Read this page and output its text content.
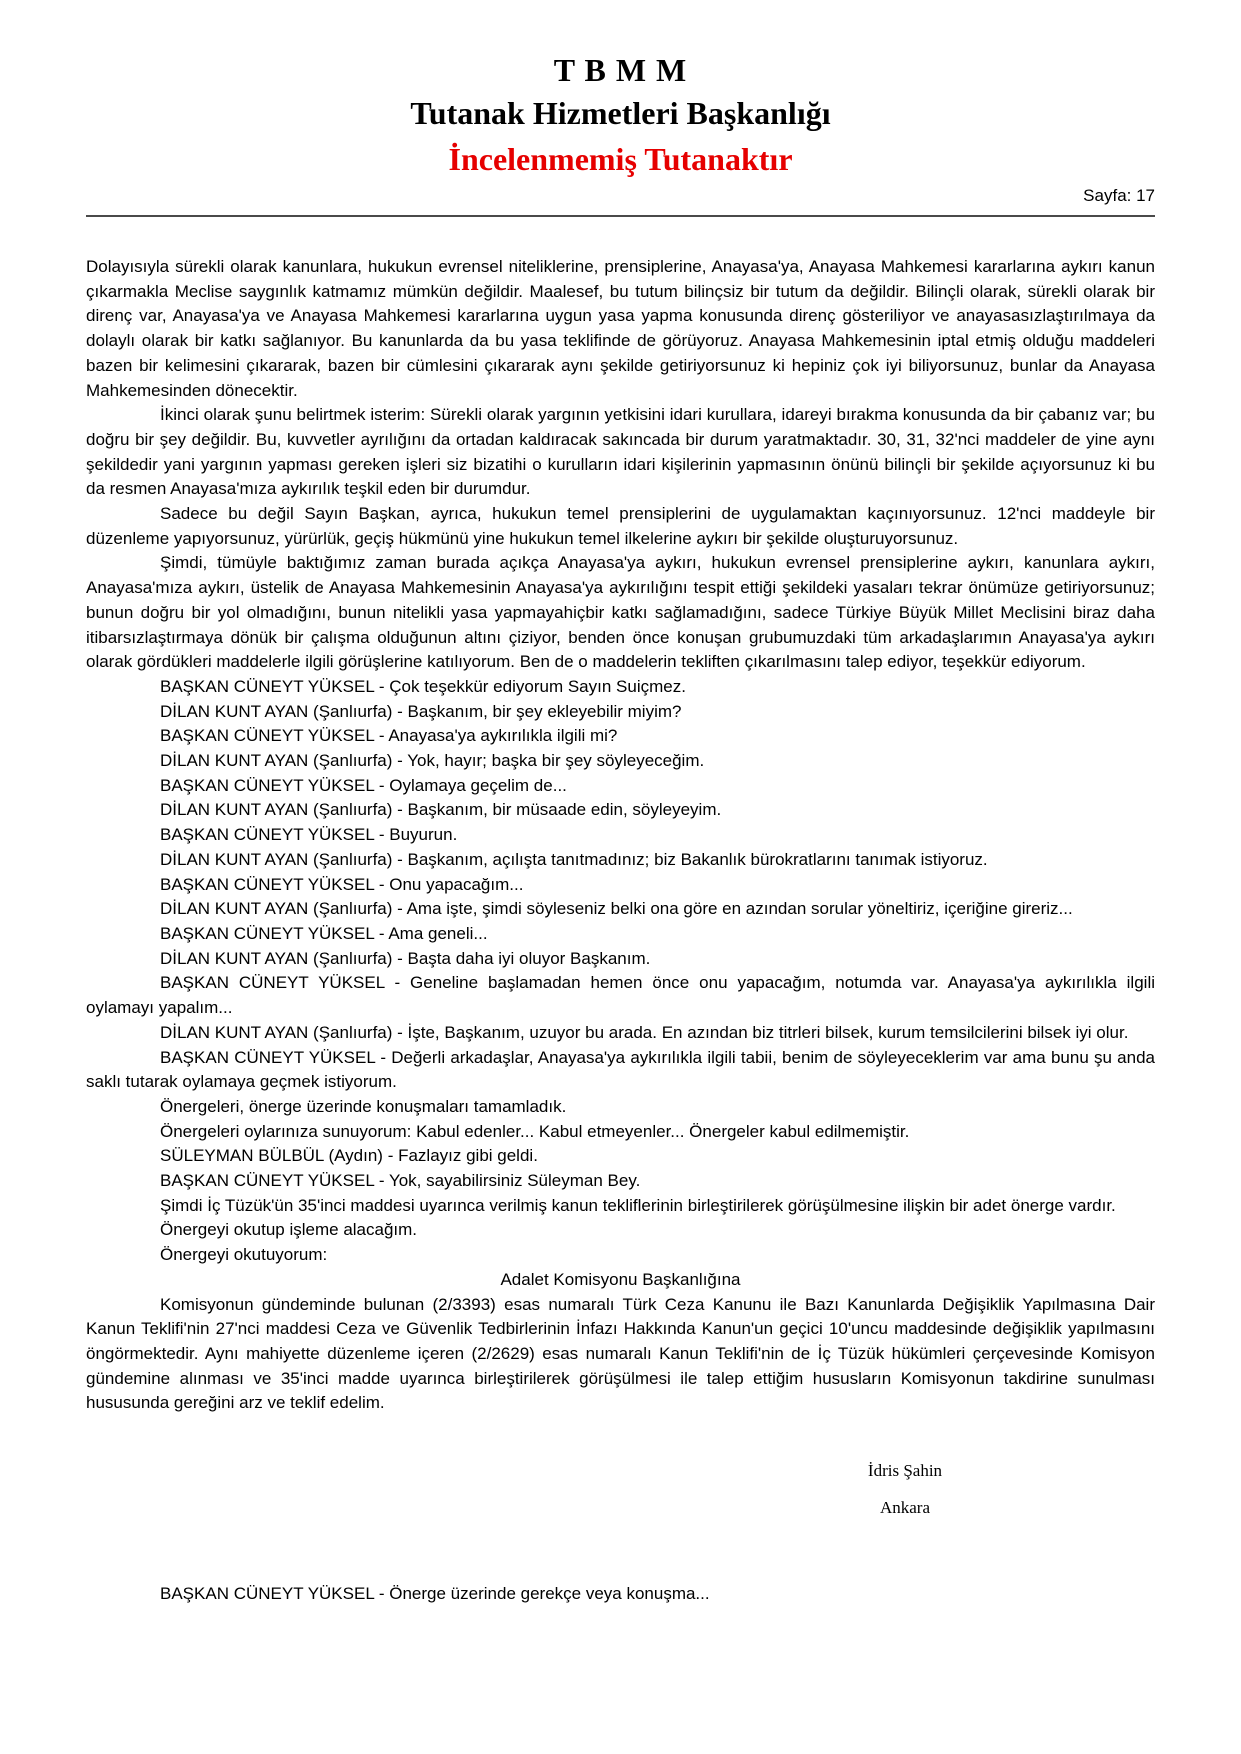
T B M M
Tutanak Hizmetleri Başkanlığı
İncelenmemiş Tutanaktır
Sayfa: 17

Dolayısıyla sürekli olarak kanunlara, hukukun evrensel niteliklerine, prensiplerine, Anayasa'ya, Anayasa Mahkemesi kararlarına aykırı kanun çıkarmakla Meclise saygınlık katmamız mümkün değildir. Maalesef, bu tutum bilinçsiz bir tutum da değildir. Bilinçli olarak, sürekli olarak bir direnç var, Anayasa'ya ve Anayasa Mahkemesi kararlarına uygun yasa yapma konusunda direnç gösteriliyor ve anayasasızlaştırılmaya da dolaylı olarak bir katkı sağlanıyor. Bu kanunlarda da bu yasa teklifinde de görüyoruz. Anayasa Mahkemesinin iptal etmiş olduğu maddeleri bazen bir kelimesini çıkararak, bazen bir cümlesini çıkararak aynı şekilde getiriyorsunuz ki hepiniz çok iyi biliyorsunuz, bunlar da Anayasa Mahkemesinden dönecektir.

İkinci olarak şunu belirtmek isterim: Sürekli olarak yargının yetkisini idari kurullara, idareyi bırakma konusunda da bir çabanız var; bu doğru bir şey değildir. Bu, kuvvetler ayrılığını da ortadan kaldıracak sakıncada bir durum yaratmaktadır. 30, 31, 32'nci maddeler de yine aynı şekildedir yani yargının yapması gereken işleri siz bizatihi o kurulların idari kişilerinin yapmasının önünü bilinçli bir şekilde açıyorsunuz ki bu da resmen Anayasa'mıza aykırılık teşkil eden bir durumdur.

Sadece bu değil Sayın Başkan, ayrıca, hukukun temel prensiplerini de uygulamaktan kaçınıyorsunuz. 12'nci maddeyle bir düzenleme yapıyorsunuz, yürürlük, geçiş hükmünü yine hukukun temel ilkelerine aykırı bir şekilde oluşturuyorsunuz.

Şimdi, tümüyle baktığımız zaman burada açıkça Anayasa'ya aykırı, hukukun evrensel prensiplerine aykırı, kanunlara aykırı, Anayasa'mıza aykırı, üstelik de Anayasa Mahkemesinin Anayasa'ya aykırılığını tespit ettiği şekildeki yasaları tekrar önümüze getiriyorsunuz; bunun doğru bir yol olmadığını, bunun nitelikli yasa yapmayahiçbir katkı sağlamadığını, sadece Türkiye Büyük Millet Meclisini biraz daha itibarsızlaştırmaya dönük bir çalışma olduğunun altını çiziyor, benden önce konuşan grubumuzdaki tüm arkadaşlarımın Anayasa'ya aykırı olarak gördükleri maddelerle ilgili görüşlerine katılıyorum. Ben de o maddelerin tekliften çıkarılmasını talep ediyor, teşekkür ediyorum.

BAŞKAN CÜNEYT YÜKSEL - Çok teşekkür ediyorum Sayın Suiçmez.

DİLAN KUNT AYAN (Şanlıurfa) - Başkanım, bir şey ekleyebilir miyim?

BAŞKAN CÜNEYT YÜKSEL - Anayasa'ya aykırılıkla ilgili mi?

DİLAN KUNT AYAN (Şanlıurfa) - Yok, hayır; başka bir şey söyleyeceğim.

BAŞKAN CÜNEYT YÜKSEL - Oylamaya geçelim de...

DİLAN KUNT AYAN (Şanlıurfa) - Başkanım, bir müsaade edin, söyleyeyim.

BAŞKAN CÜNEYT YÜKSEL - Buyurun.

DİLAN KUNT AYAN (Şanlıurfa) - Başkanım, açılışta tanıtmadınız; biz Bakanlık bürokratlarını tanımak istiyoruz.

BAŞKAN CÜNEYT YÜKSEL - Onu yapacağım...

DİLAN KUNT AYAN (Şanlıurfa) - Ama işte, şimdi söyleseniz belki ona göre en azından sorular yöneltiriz, içeriğine gireriz...

BAŞKAN CÜNEYT YÜKSEL - Ama geneli...

DİLAN KUNT AYAN (Şanlıurfa) - Başta daha iyi oluyor Başkanım.

BAŞKAN CÜNEYT YÜKSEL - Geneline başlamadan hemen önce onu yapacağım, notumda var. Anayasa'ya aykırılıkla ilgili oylamayı yapalım...

DİLAN KUNT AYAN (Şanlıurfa) - İşte, Başkanım, uzuyor bu arada. En azından biz titrleri bilsek, kurum temsilcilerini bilsek iyi olur.

BAŞKAN CÜNEYT YÜKSEL - Değerli arkadaşlar, Anayasa'ya aykırılıkla ilgili tabii, benim de söyleyeceklerim var ama bunu şu anda saklı tutarak oylamaya geçmek istiyorum.

Önergeleri, önerge üzerinde konuşmaları tamamladık.

Önergeleri oylarınıza sunuyorum: Kabul edenler... Kabul etmeyenler... Önergeler kabul edilmemiştir.

SÜLEYMAN BÜLBÜL (Aydın) - Fazlayız gibi geldi.

BAŞKAN CÜNEYT YÜKSEL - Yok, sayabilirsiniz Süleyman Bey.

Şimdi İç Tüzük'ün 35'inci maddesi uyarınca verilmiş kanun tekliflerinin birleştirilerek görüşülmesine ilişkin bir adet önerge vardır.

Önergeyi okutup işleme alacağım.

Önergeyi okutuyorum:

Adalet Komisyonu Başkanlığına

Komisyonun gündeminde bulunan (2/3393) esas numaralı Türk Ceza Kanunu ile Bazı Kanunlarda Değişiklik Yapılmasına Dair Kanun Teklifi'nin 27'nci maddesi Ceza ve Güvenlik Tedbirlerinin İnfazı Hakkında Kanun'un geçici 10'uncu maddesinde değişiklik yapılmasını öngörmektedir. Aynı mahiyette düzenleme içeren (2/2629) esas numaralı Kanun Teklifi'nin de İç Tüzük hükümleri çerçevesinde Komisyon gündemine alınması ve 35'inci madde uyarınca birleştirilerek görüşülmesi ile talep ettiğim hususların Komisyonun takdirine sunulması hususunda gereğini arz ve teklif edelim.

İdris Şahin
Ankara

BAŞKAN CÜNEYT YÜKSEL - Önerge üzerinde gerekçe veya konuşma...
